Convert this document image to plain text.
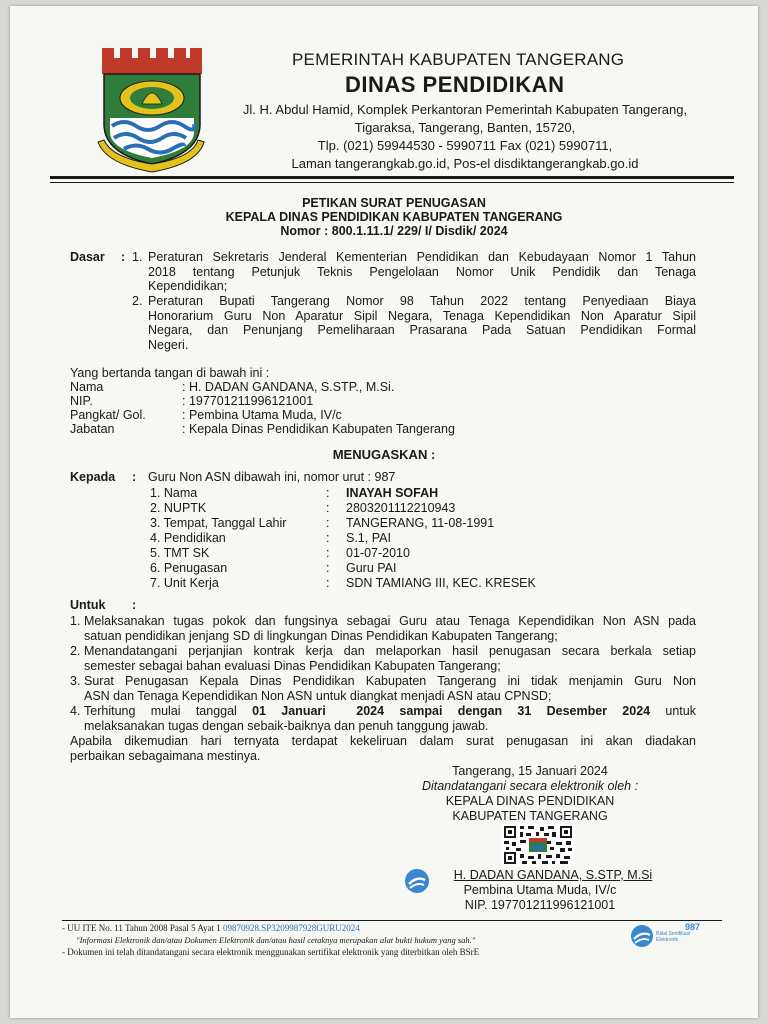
PEMERINTAH KABUPATEN TANGERANG
DINAS PENDIDIKAN
Jl. H. Abdul Hamid, Komplek Perkantoran Pemerintah Kabupaten Tangerang,
Tigaraksa, Tangerang, Banten, 15720,
Tlp. (021) 59944530 - 5990711 Fax (021) 5990711,
Laman tangerangkab.go.id, Pos-el disdiktangerangkab.go.id
PETIKAN SURAT PENUGASAN
KEPALA DINAS PENDIDIKAN KABUPATEN TANGERANG
Nomor : 800.1.11.1/ 229/ I/ Disdik/ 2024
Dasar : 1. Peraturan Sekretaris Jenderal Kementerian Pendidikan dan Kebudayaan Nomor 1 Tahun
2018 tentang Petunjuk Teknis Pengelolaan Nomor Unik Pendidik dan Tenaga
Kependidikan;
2. Peraturan Bupati Tangerang Nomor 98 Tahun 2022 tentang Penyediaan Biaya
Honorarium Guru Non Aparatur Sipil Negara, Tenaga Kependidikan Non Aparatur Sipil
Negara, dan Penunjang Pemeliharaan Prasarana Pada Satuan Pendidikan Formal
Negeri.
Yang bertanda tangan di bawah ini :
Nama	: H. DADAN GANDANA, S.STP., M.Si.
NIP.	: 197701211996121001
Pangkat/ Gol.	: Pembina Utama Muda, IV/c
Jabatan	: Kepala Dinas Pendidikan Kabupaten Tangerang
MENUGASKAN :
Kepada : Guru Non ASN dibawah ini, nomor urut : 987
1. Nama	: INAYAH SOFAH
2. NUPTK	: 2803201112210943
3. Tempat, Tanggal Lahir	: TANGERANG, 11-08-1991
4. Pendidikan	: S.1, PAI
5. TMT SK	: 01-07-2010
6. Penugasan	: Guru PAI
7. Unit Kerja	: SDN TAMIANG III, KEC. KRESEK
Untuk :
1. Melaksanakan tugas pokok dan fungsinya sebagai Guru atau Tenaga Kependidikan Non ASN pada
satuan pendidikan jenjang SD di lingkungan Dinas Pendidikan Kabupaten Tangerang;
2. Menandatangani perjanjian kontrak kerja dan melaporkan hasil penugasan secara berkala setiap
semester sebagai bahan evaluasi Dinas Pendidikan Kabupaten Tangerang;
3. Surat Penugasan Kepala Dinas Pendidikan Kabupaten Tangerang ini tidak menjamin Guru Non
ASN dan Tenaga Kependidikan Non ASN untuk diangkat menjadi ASN atau CPNSD;
4. Terhitung mulai tanggal 01 Januari  2024 sampai dengan 31 Desember 2024 untuk
melaksanakan tugas dengan sebaik-baiknya dan penuh tanggung jawab.
Apabila dikemudian hari ternyata terdapat kekeliruan dalam surat penugasan ini akan diadakan
perbaikan sebagaimana mestinya.
Tangerang, 15 Januari 2024
Ditandatangani secara elektronik oleh :
KEPALA DINAS PENDIDIKAN
KABUPATEN TANGERANG
H. DADAN GANDANA, S.STP, M.Si
Pembina Utama Muda, IV/c
NIP. 197701211996121001
- UU ITE No. 11 Tahun 2008 Pasal 5 Ayat 1 09870928.SP3209987928GURU2024
"Informasi Elektronik dan/atau Dokumen Elektronik dan/atau hasil cetaknya merupakan alat bukti hukum yang sah."
- Dokumen ini telah ditandatangani secara elektronik menggunakan sertifikat elektronik yang diterbitkan oleh BSrE
987
Balai Sertifikasi Elektronik
